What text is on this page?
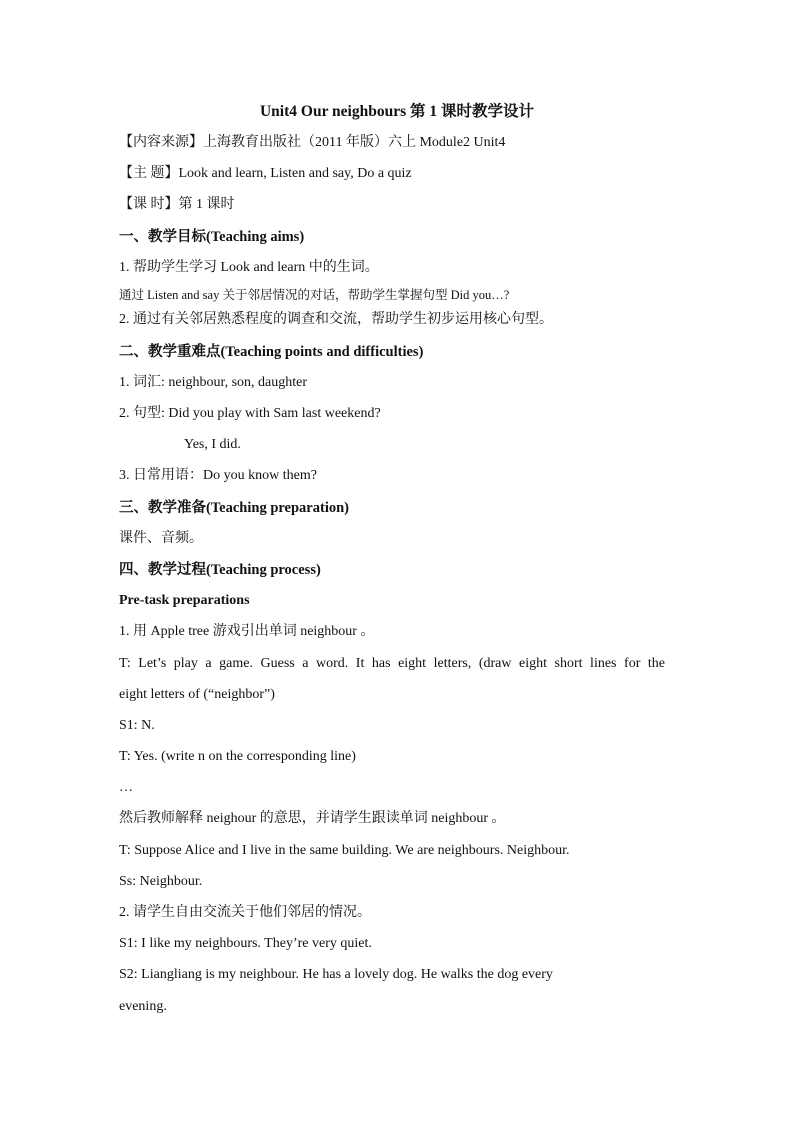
Unit4 Our neighbours 第 1 课时教学设计
【内容来源】上海教育出版社（2011 年版）六上 Module2 Unit4
【主 题】Look and learn, Listen and say, Do a quiz
【课 时】第 1 课时
一、教学目标(Teaching aims)
1. 帮助学生学习 Look and learn 中的生词。
通过 Listen and say 关于邻居情况的对话，帮助学生掌握句型 Did you…?
2. 通过有关邻居熟悉程度的调查和交流，帮助学生初步运用核心句型。
二、教学重难点(Teaching points and difficulties)
1. 词汇: neighbour, son, daughter
2. 句型: Did you play with Sam last weekend?
Yes, I did.
3. 日常用语：Do you know them?
三、教学准备(Teaching preparation)
课件、音频。
四、教学过程(Teaching process)
Pre-task preparations
1. 用 Apple tree 游戏引出单词 neighbour 。
T: Let’s play a game. Guess a word. It has eight letters, (draw eight short lines for the
eight letters of (“neighbor”)
S1: N.
T: Yes. (write n on the corresponding line)
…
然后教师解释 neighour 的意思，并请学生跟读单词 neighbour 。
T: Suppose Alice and I live in the same building. We are neighbours. Neighbour.
Ss: Neighbour.
2. 请学生自由交流关于他们邻居的情况。
S1: I like my neighbours. They’re very quiet.
S2: Liangliang is my neighbour. He has a lovely dog. He walks the dog every
evening.
